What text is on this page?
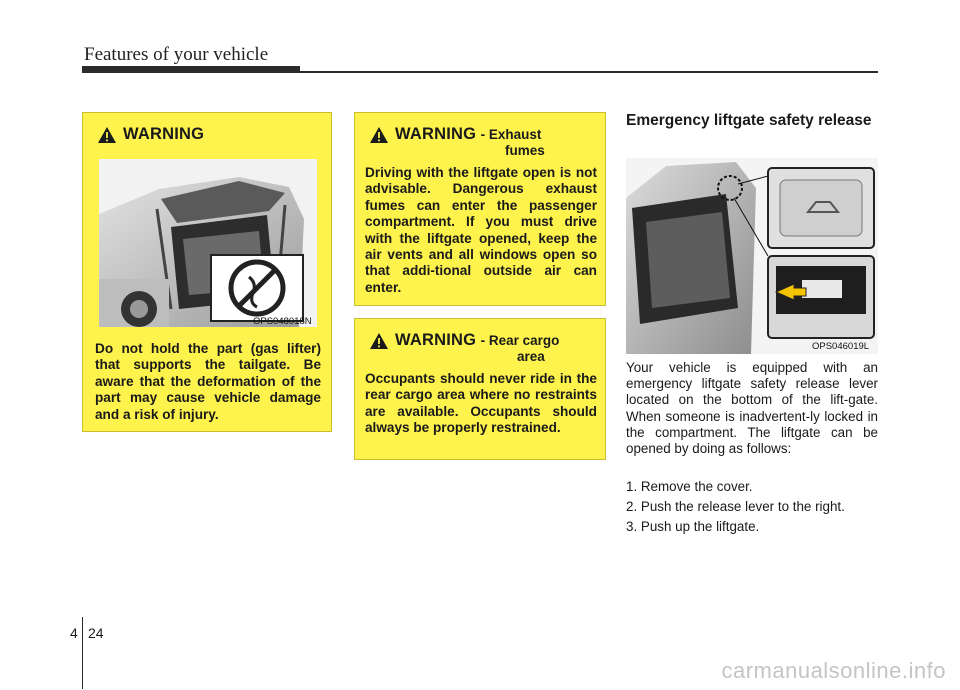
Features of your vehicle
WARNING
OPS048018N
Do not hold the part (gas lifter) that supports the tailgate. Be aware that the deformation of the part may cause vehicle damage and a risk of injury.
WARNING - Exhaust
fumes
Driving with the liftgate open is not advisable. Dangerous exhaust fumes can enter the passenger compartment. If you must drive with the liftgate opened, keep the air vents and all windows open so that addi-tional outside air can enter.
WARNING - Rear cargo
area
Occupants should never ride in the rear cargo area where no restraints are available. Occupants should always be properly restrained.
Emergency liftgate safety release
OPS046019L
Your vehicle is equipped with an emergency liftgate safety release lever located on the bottom of the lift-gate. When someone is inadvertent-ly locked in the compartment. The liftgate can be opened by doing as follows:
1. Remove the cover.
2. Push the release lever to the right.
3. Push up the liftgate.
4 24
carmanualsonline.info
